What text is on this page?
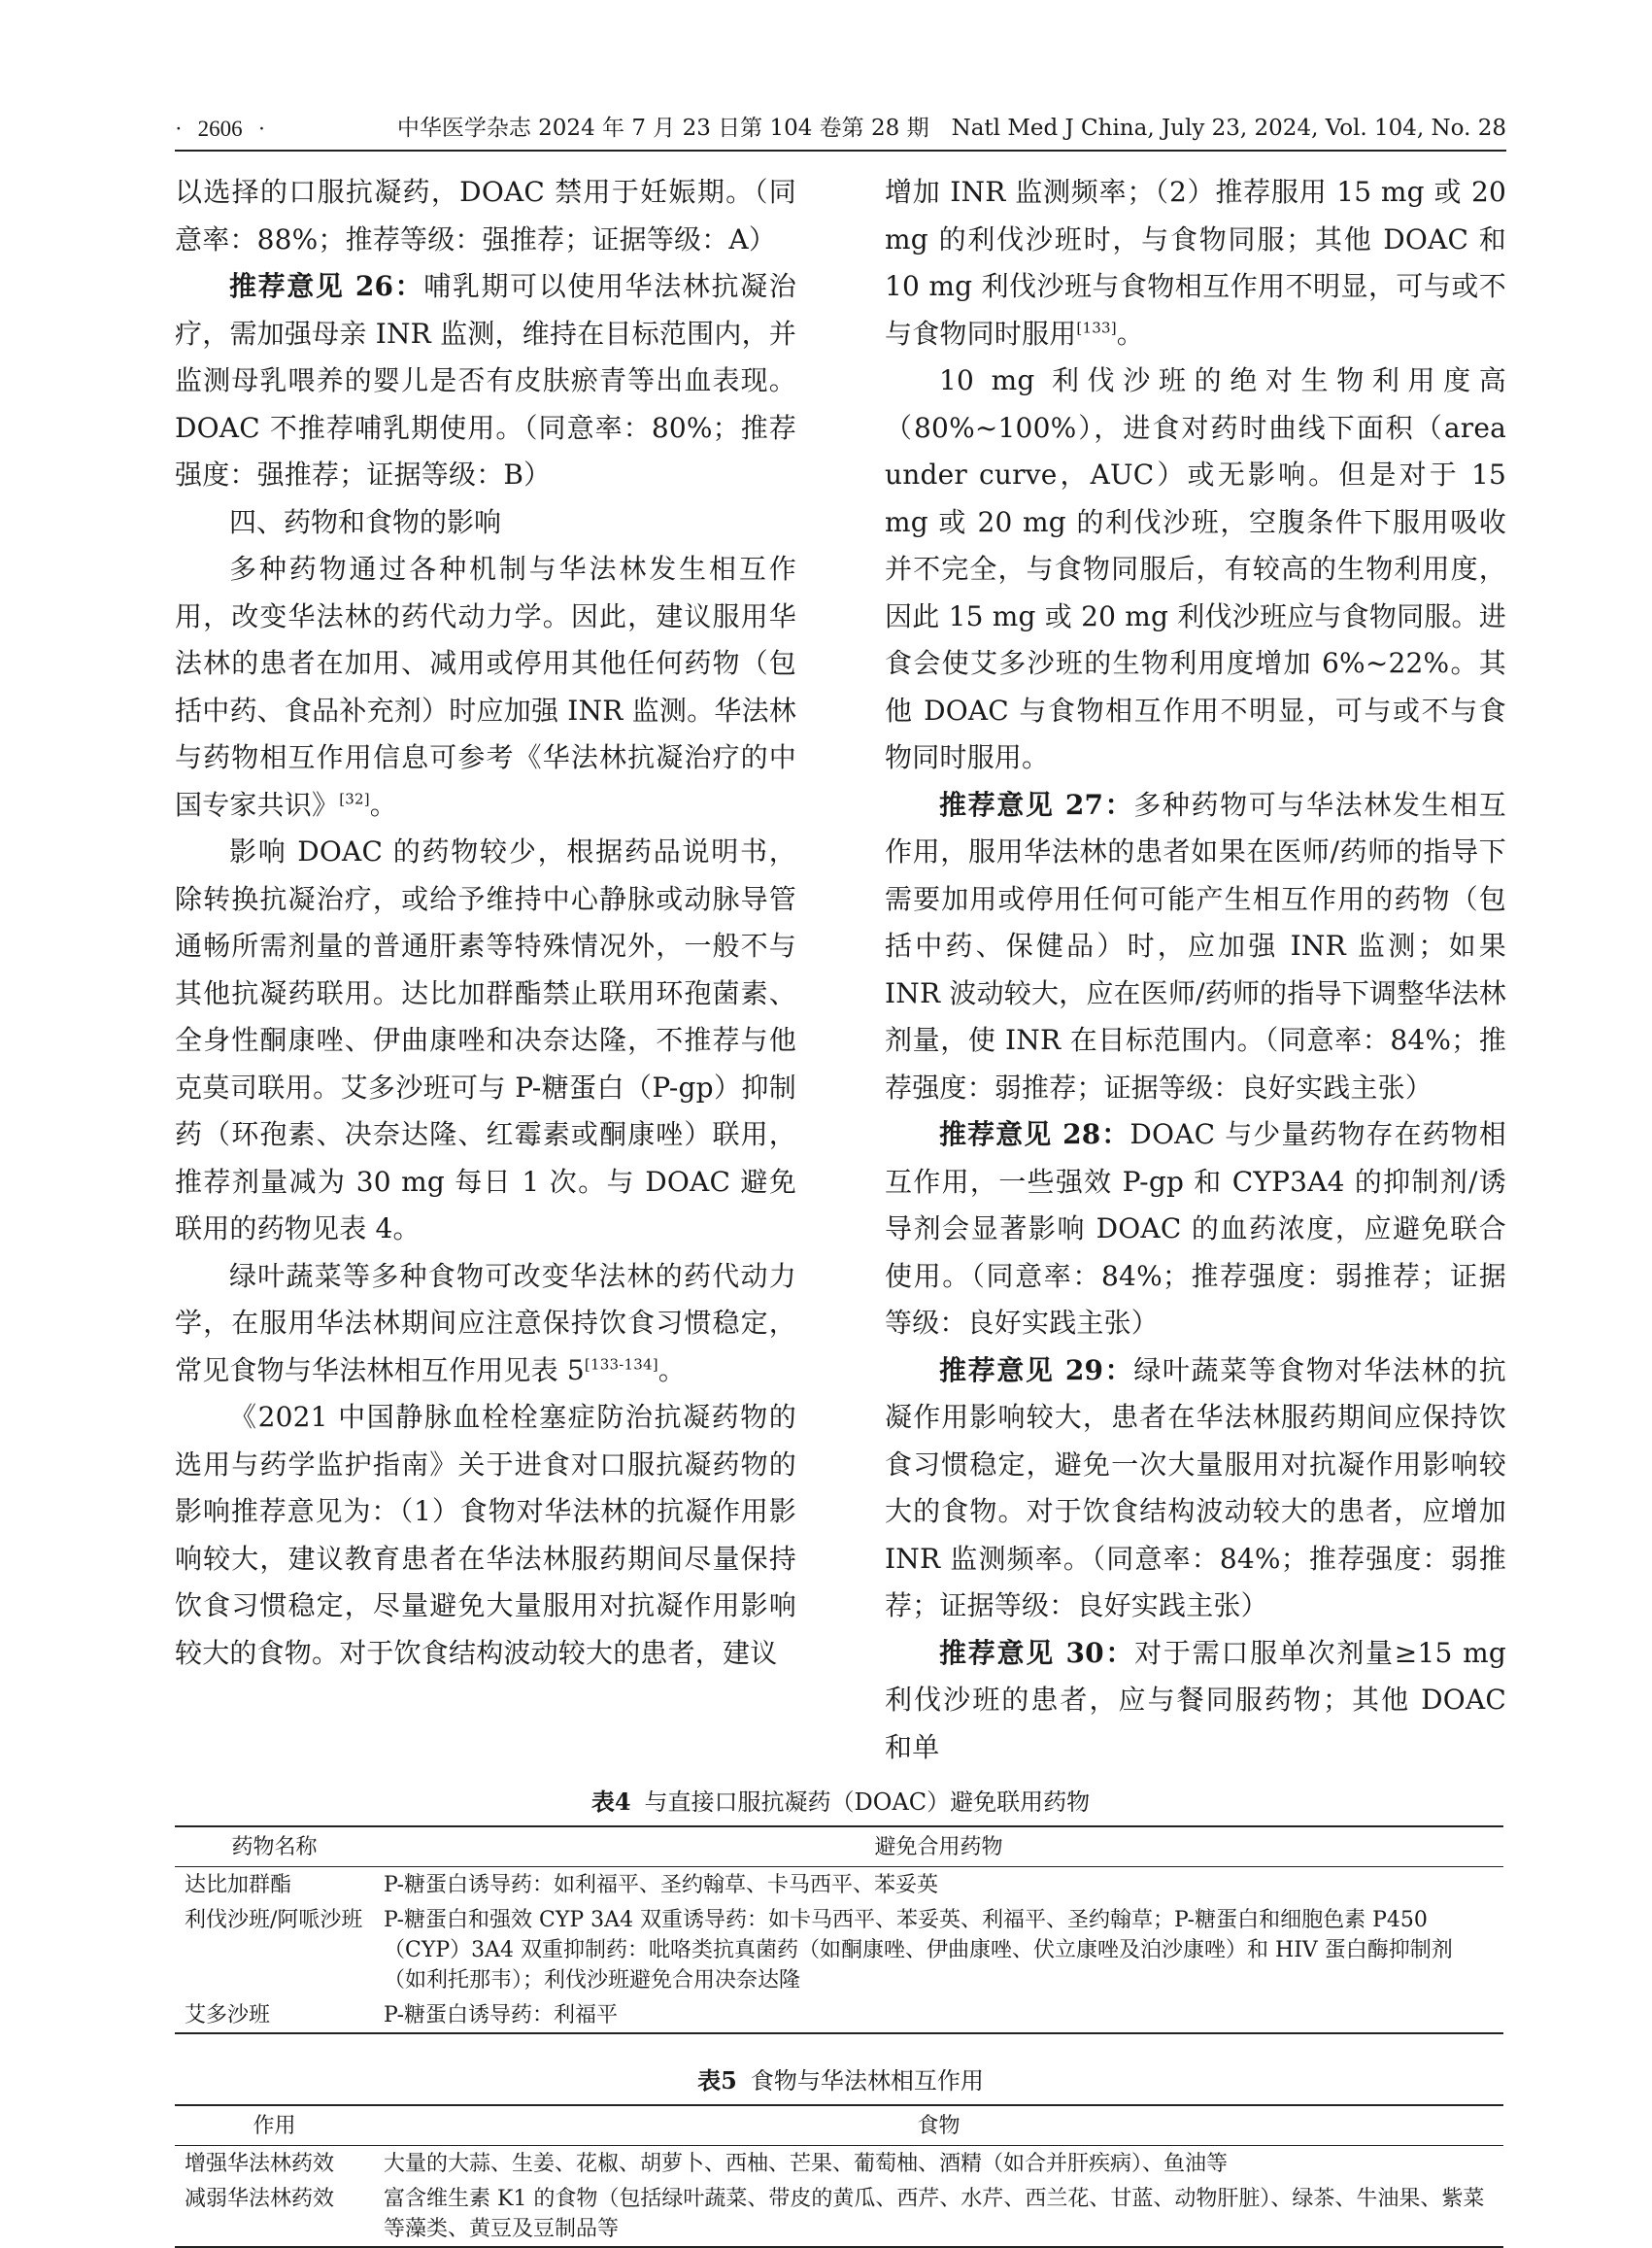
· 2606 ·	中华医学杂志 2024 年 7 月 23 日第 104 卷第 28 期　Natl Med J China, July 23, 2024, Vol. 104, No. 28

以选择的口服抗凝药，DOAC 禁用于妊娠期。（同意率：88%；推荐等级：强推荐；证据等级：A）

推荐意见 26：哺乳期可以使用华法林抗凝治疗，需加强母亲 INR 监测，维持在目标范围内，并监测母乳喂养的婴儿是否有皮肤瘀青等出血表现。DOAC 不推荐哺乳期使用。（同意率：80%；推荐强度：强推荐；证据等级：B）

四、药物和食物的影响

多种药物通过各种机制与华法林发生相互作用，改变华法林的药代动力学。因此，建议服用华法林的患者在加用、减用或停用其他任何药物（包括中药、食品补充剂）时应加强 INR 监测。华法林与药物相互作用信息可参考《华法林抗凝治疗的中国专家共识》[32]。

影响 DOAC 的药物较少，根据药品说明书，除转换抗凝治疗，或给予维持中心静脉或动脉导管通畅所需剂量的普通肝素等特殊情况外，一般不与其他抗凝药联用。达比加群酯禁止联用环孢菌素、全身性酮康唑、伊曲康唑和决奈达隆，不推荐与他克莫司联用。艾多沙班可与 P-糖蛋白（P-gp）抑制药（环孢素、决奈达隆、红霉素或酮康唑）联用，推荐剂量减为 30 mg 每日 1 次。与 DOAC 避免联用的药物见表 4。

绿叶蔬菜等多种食物可改变华法林的药代动力学，在服用华法林期间应注意保持饮食习惯稳定，常见食物与华法林相互作用见表 5[133-134]。

《2021 中国静脉血栓栓塞症防治抗凝药物的选用与药学监护指南》关于进食对口服抗凝药物的影响推荐意见为：（1）食物对华法林的抗凝作用影响较大，建议教育患者在华法林服药期间尽量保持饮食习惯稳定，尽量避免大量服用对抗凝作用影响较大的食物。对于饮食结构波动较大的患者，建议

增加 INR 监测频率；（2）推荐服用 15 mg 或 20 mg 的利伐沙班时，与食物同服；其他 DOAC 和 10 mg 利伐沙班与食物相互作用不明显，可与或不与食物同时服用[133]。

10 mg 利伐沙班的绝对生物利用度高（80%~100%），进食对药时曲线下面积（area under curve，AUC）或无影响。但是对于 15 mg 或 20 mg 的利伐沙班，空腹条件下服用吸收并不完全，与食物同服后，有较高的生物利用度，因此 15 mg 或 20 mg 利伐沙班应与食物同服。进食会使艾多沙班的生物利用度增加 6%~22%。其他 DOAC 与食物相互作用不明显，可与或不与食物同时服用。

推荐意见 27：多种药物可与华法林发生相互作用，服用华法林的患者如果在医师/药师的指导下需要加用或停用任何可能产生相互作用的药物（包括中药、保健品）时，应加强 INR 监测；如果 INR 波动较大，应在医师/药师的指导下调整华法林剂量，使 INR 在目标范围内。（同意率：84%；推荐强度：弱推荐；证据等级：良好实践主张）

推荐意见 28：DOAC 与少量药物存在药物相互作用，一些强效 P-gp 和 CYP3A4 的抑制剂/诱导剂会显著影响 DOAC 的血药浓度，应避免联合使用。（同意率：84%；推荐强度：弱推荐；证据等级：良好实践主张）

推荐意见 29：绿叶蔬菜等食物对华法林的抗凝作用影响较大，患者在华法林服药期间应保持饮食习惯稳定，避免一次大量服用对抗凝作用影响较大的食物。对于饮食结构波动较大的患者，应增加 INR 监测频率。（同意率：84%；推荐强度：弱推荐；证据等级：良好实践主张）

推荐意见 30：对于需口服单次剂量≥15 mg 利伐沙班的患者，应与餐同服药物；其他 DOAC 和单

表4 与直接口服抗凝药（DOAC）避免联用药物
药物名称	避免合用药物
达比加群酯	P-糖蛋白诱导药：如利福平、圣约翰草、卡马西平、苯妥英
利伐沙班/阿哌沙班	P-糖蛋白和强效 CYP 3A4 双重诱导药：如卡马西平、苯妥英、利福平、圣约翰草；P-糖蛋白和细胞色素 P450（CYP）3A4 双重抑制药：吡咯类抗真菌药（如酮康唑、伊曲康唑、伏立康唑及泊沙康唑）和 HIV 蛋白酶抑制剂（如利托那韦）；利伐沙班避免合用决奈达隆
艾多沙班	P-糖蛋白诱导药：利福平
表5 食物与华法林相互作用
作用	食物
增强华法林药效	大量的大蒜、生姜、花椒、胡萝卜、西柚、芒果、葡萄柚、酒精（如合并肝疾病）、鱼油等
减弱华法林药效	富含维生素 K1 的食物（包括绿叶蔬菜、带皮的黄瓜、西芹、水芹、西兰花、甘蓝、动物肝脏）、绿茶、牛油果、紫菜等藻类、黄豆及豆制品等
